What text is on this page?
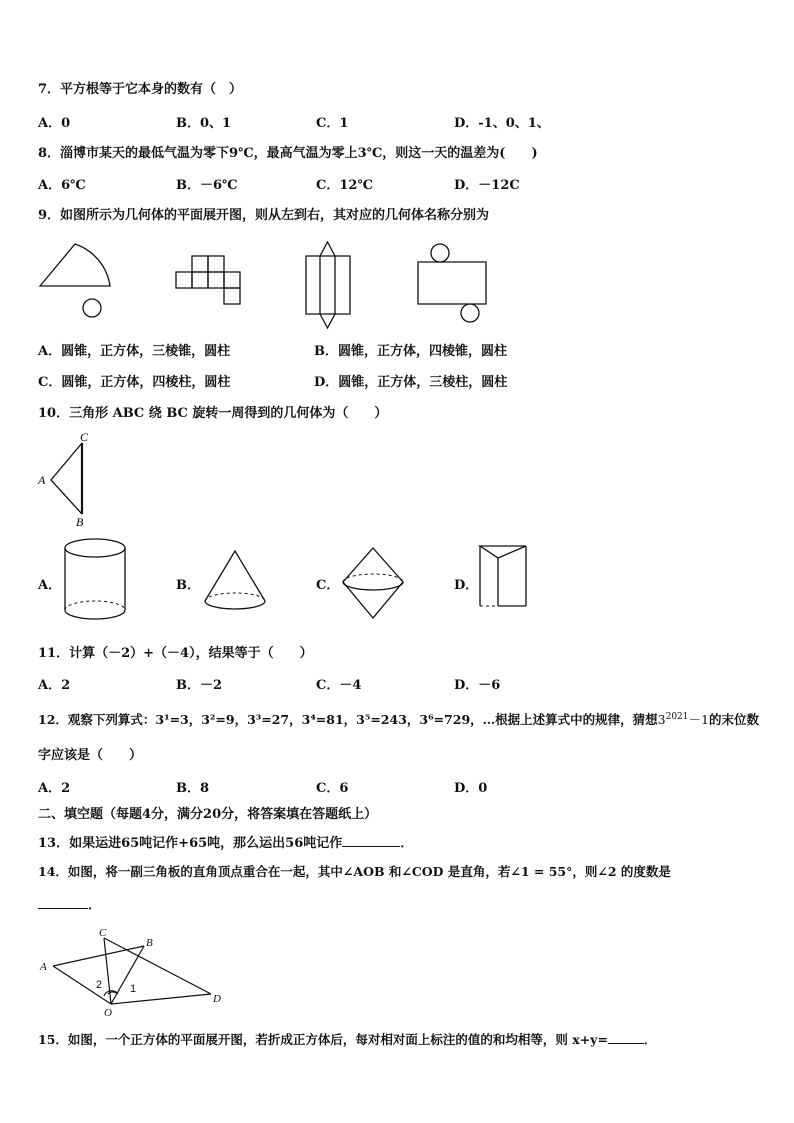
7．平方根等于它本身的数有（　）
A．0	B．0、1	C．1	D．-1、0、1、
8．淄博市某天的最低气温为零下9℃，最高气温为零上3℃，则这一天的温差为(　　)
A．6℃	B．－6℃	C．12℃	D．－12C
9．如图所示为几何体的平面展开图，则从左到右，其对应的几何体名称分别为
A．圆锥，正方体，三棱锥，圆柱	B．圆锥，正方体，四棱锥，圆柱
C．圆锥，正方体，四棱柱，圆柱	D．圆锥，正方体，三棱柱，圆柱
10．三角形 ABC 绕 BC 旋转一周得到的几何体为（　　）
C
A
B
A．	B．	C．	D．
11．计算（－2）+（－4），结果等于（　　）
A．2	B．－2	C．－4	D．－6
12．观察下列算式：3¹=3，3²=9，3³=27，3⁴=81，3⁵=243，3⁶=729，…根据上述算式中的规律，猜想$3^{2021}-1$的末位数
字应该是（　　）
A．2	B．8	C．6	D．0
二、填空题（每题4分，满分20分，将答案填在答题纸上）
13．如果运进65吨记作+65吨，那么运出56吨记作	．
14．如图，将一副三角板的直角顶点重合在一起，其中∠AOB 和∠COD 是直角，若∠1 = 55°，则∠2 的度数是
．
A
C
B
D
O
2	1
15．如图，一个正方体的平面展开图，若折成正方体后，每对相对面上标注的值的和均相等，则 x+y=	．
